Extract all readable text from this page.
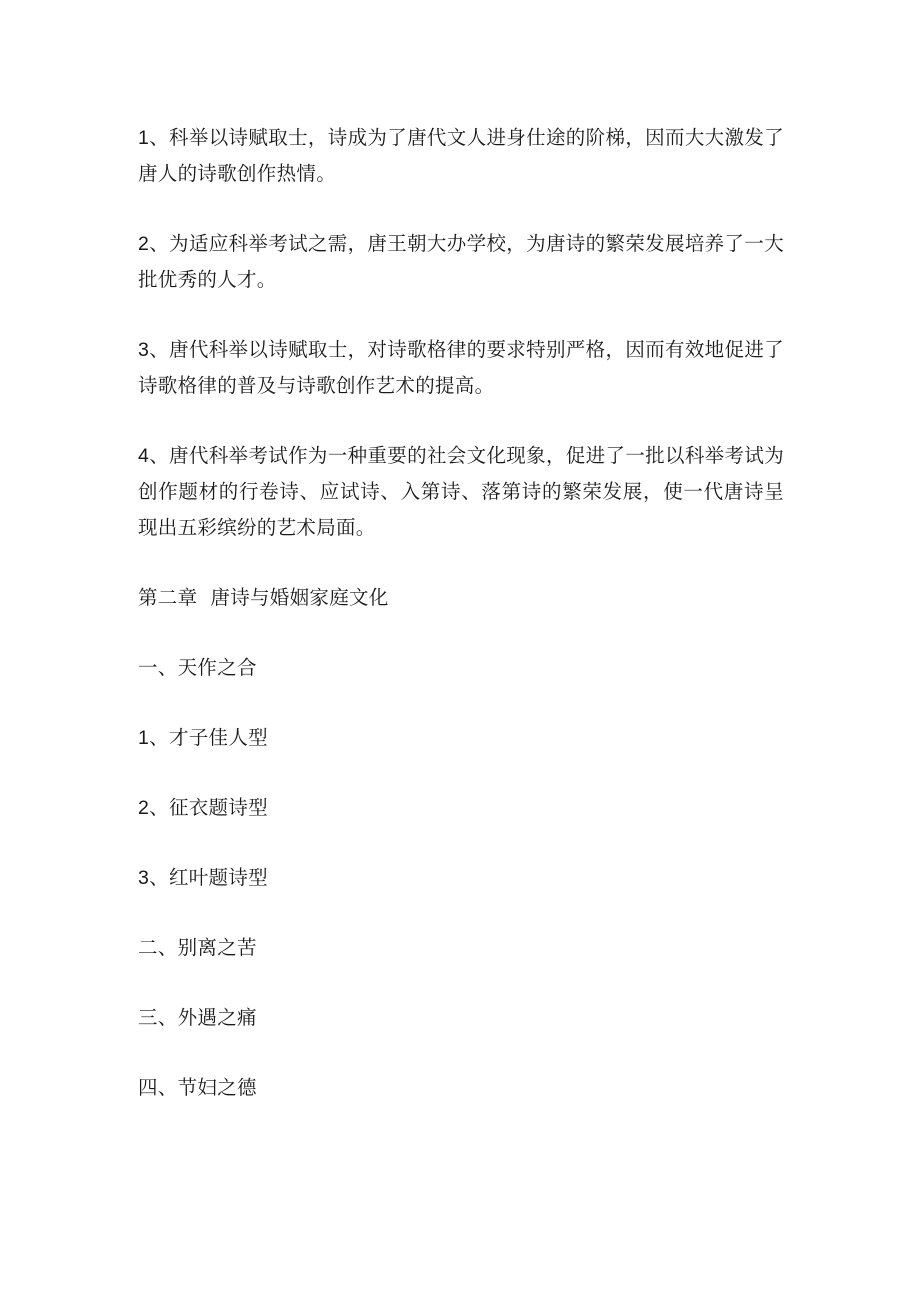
1、科举以诗赋取士，诗成为了唐代文人进身仕途的阶梯，因而大大激发了唐人的诗歌创作热情。

2、为适应科举考试之需，唐王朝大办学校，为唐诗的繁荣发展培养了一大批优秀的人才。

3、唐代科举以诗赋取士，对诗歌格律的要求特别严格，因而有效地促进了诗歌格律的普及与诗歌创作艺术的提高。

4、唐代科举考试作为一种重要的社会文化现象，促进了一批以科举考试为创作题材的行卷诗、应试诗、入第诗、落第诗的繁荣发展，使一代唐诗呈现出五彩缤纷的艺术局面。

第二章  唐诗与婚姻家庭文化

一、天作之合

1、才子佳人型

2、征衣题诗型

3、红叶题诗型

二、别离之苦

三、外遇之痛

四、节妇之德
